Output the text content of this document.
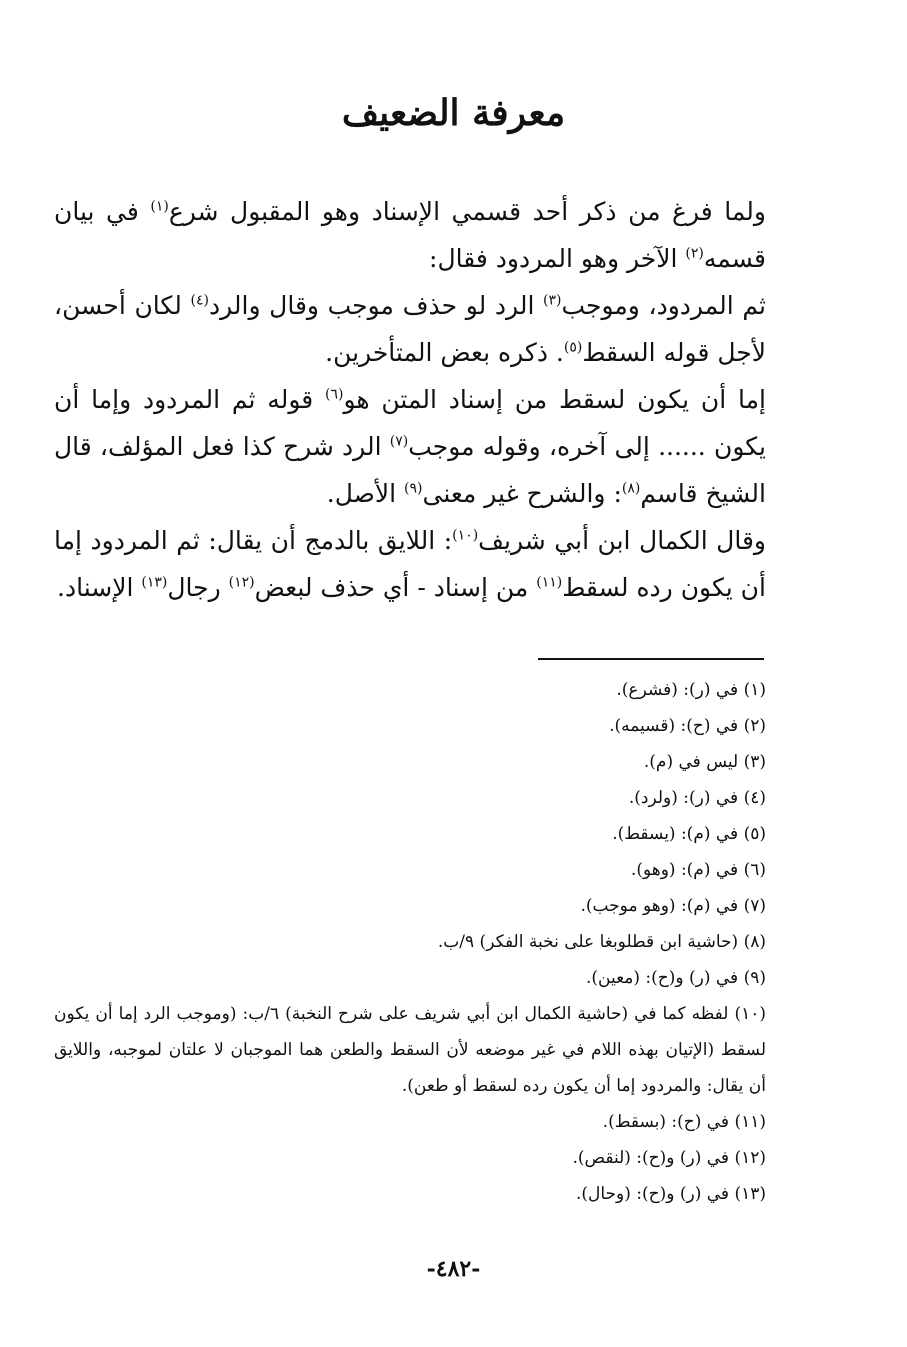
معرفة الضعيف

ولما فرغ من ذكر أحد قسمي الإسناد وهو المقبول شرع$^{(١)}$ في بيان قسمه$^{(٢)}$ الآخر وهو المردود فقال:

ثم المردود، وموجب$^{(٣)}$ الرد لو حذف موجب وقال والرد$^{(٤)}$ لكان أحسن، لأجل قوله السقط$^{(٥)}$. ذكره بعض المتأخرين.

إما أن يكون لسقط من إسناد المتن هو$^{(٦)}$ قوله ثم المردود وإما أن يكون ...... إلى آخره، وقوله موجب$^{(٧)}$ الرد شرح كذا فعل المؤلف، قال الشيخ قاسم$^{(٨)}$: والشرح غير معنى$^{(٩)}$ الأصل.

وقال الكمال ابن أبي شريف$^{(١٠)}$: اللايق بالدمج أن يقال: ثم المردود إما أن يكون رده لسقط$^{(١١)}$ من إسناد - أي حذف لبعض$^{(١٢)}$ رجال$^{(١٣)}$ الإسناد.

(١) في (ر): (فشرع).

(٢) في (ح): (قسيمه).

(٣) ليس في (م).

(٤) في (ر): (ولرد).

(٥) في (م): (يسقط).

(٦) في (م): (وهو).

(٧) في (م): (وهو موجب).

(٨) (حاشية ابن قطلوبغا على نخبة الفكر) ٩/ب.

(٩) في (ر) و(ح): (معين).

(١٠) لفظه كما في (حاشية الكمال ابن أبي شريف على شرح النخبة) ٦/ب: (وموجب الرد إما أن يكون لسقط (الإتيان بهذه اللام في غير موضعه لأن السقط والطعن هما الموجبان لا علتان لموجبه، واللايق أن يقال: والمردود إما أن يكون رده لسقط أو طعن).

(١١) في (ح): (بسقط).

(١٢) في (ر) و(ح): (لنقص).

(١٣) في (ر) و(ح): (وحال).

-٤٨٢-
